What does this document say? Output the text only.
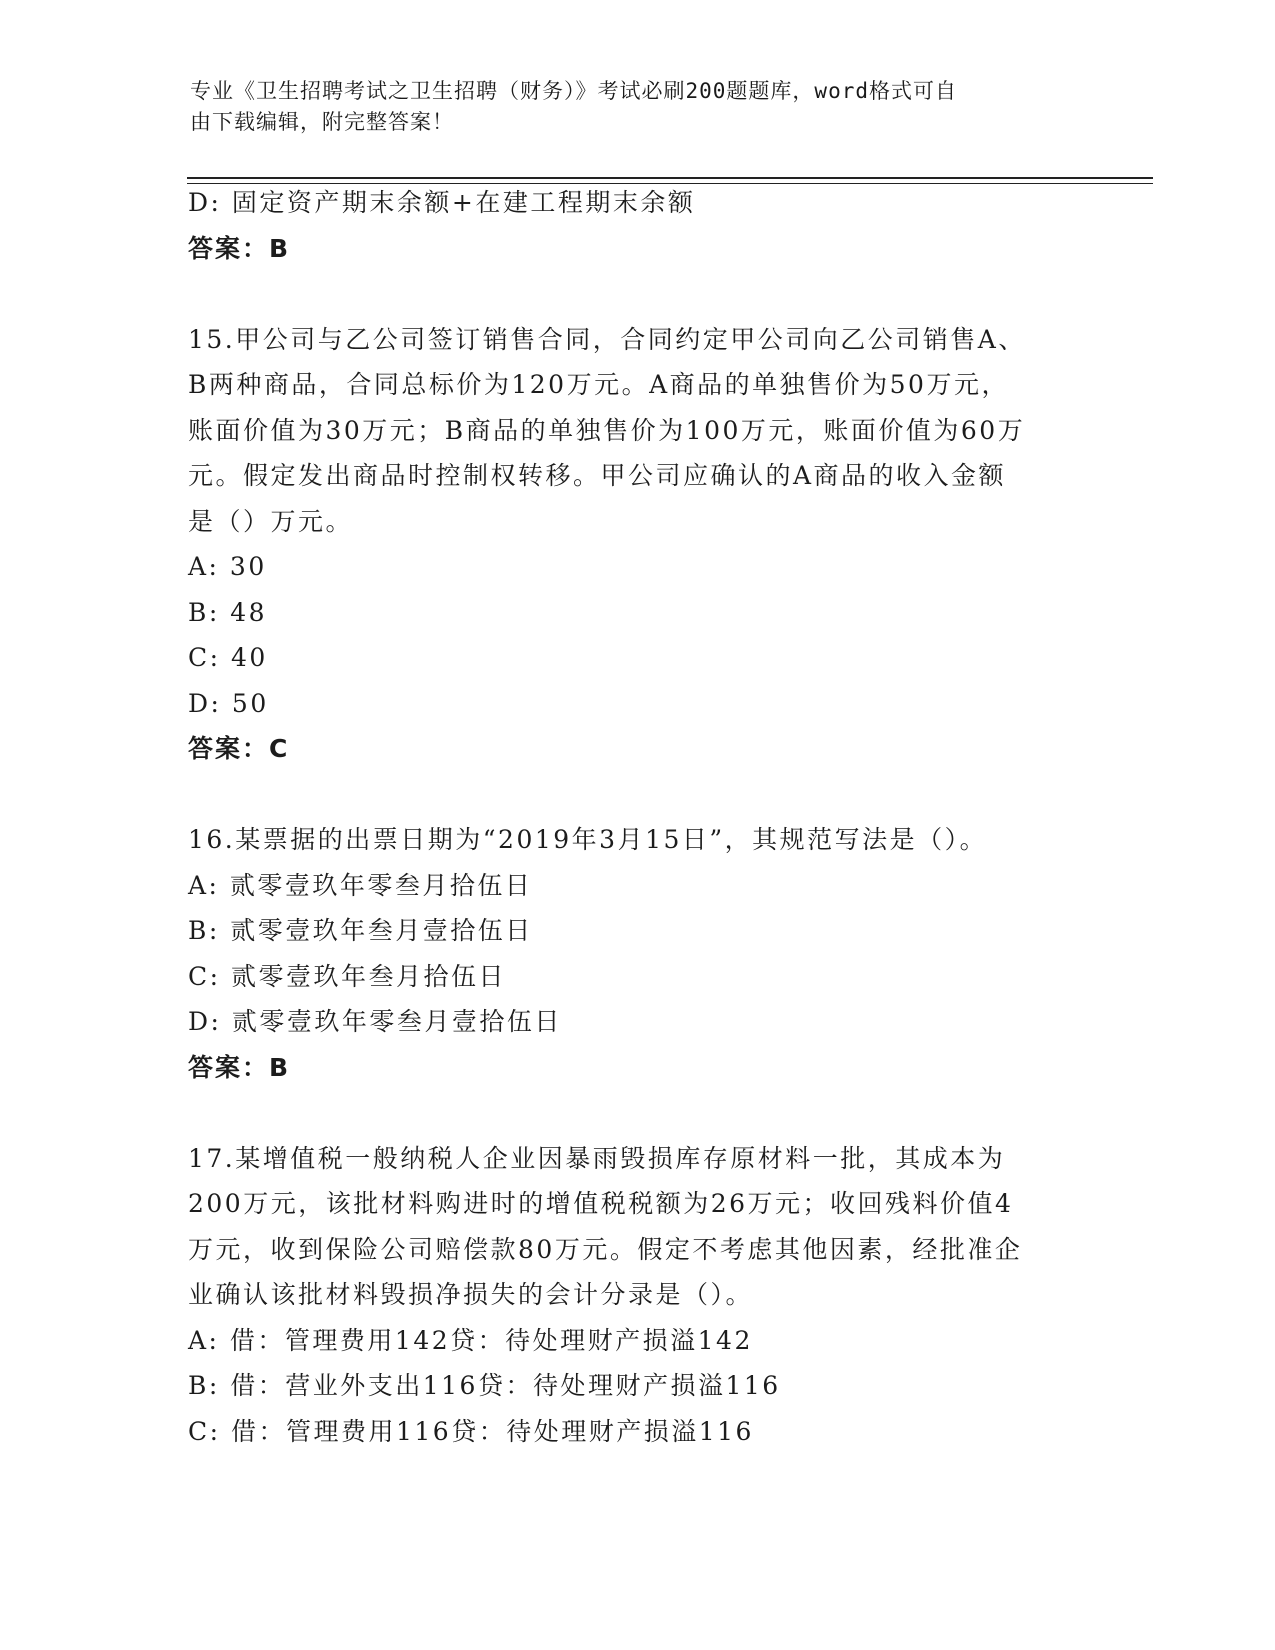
专业《卫生招聘考试之卫生招聘（财务）》考试必刷200题题库，word格式可自
由下载编辑，附完整答案！
D: 固定资产期末余额+在建工程期末余额
答案：B
15.甲公司与乙公司签订销售合同，合同约定甲公司向乙公司销售A、
B两种商品，合同总标价为120万元。A商品的单独售价为50万元，
账面价值为30万元；B商品的单独售价为100万元，账面价值为60万
元。假定发出商品时控制权转移。甲公司应确认的A商品的收入金额
是（）万元。
A: 30
B: 48
C: 40
D: 50
答案：C
16.某票据的出票日期为“2019年3月15日”，其规范写法是（）。
A: 贰零壹玖年零叁月拾伍日
B: 贰零壹玖年叁月壹拾伍日
C: 贰零壹玖年叁月拾伍日
D: 贰零壹玖年零叁月壹拾伍日
答案：B
17.某增值税一般纳税人企业因暴雨毁损库存原材料一批，其成本为
200万元，该批材料购进时的增值税税额为26万元；收回残料价值4
万元，收到保险公司赔偿款80万元。假定不考虑其他因素，经批准企
业确认该批材料毁损净损失的会计分录是（）。
A: 借：管理费用142贷：待处理财产损溢142
B: 借：营业外支出116贷：待处理财产损溢116
C: 借：管理费用116贷：待处理财产损溢116
